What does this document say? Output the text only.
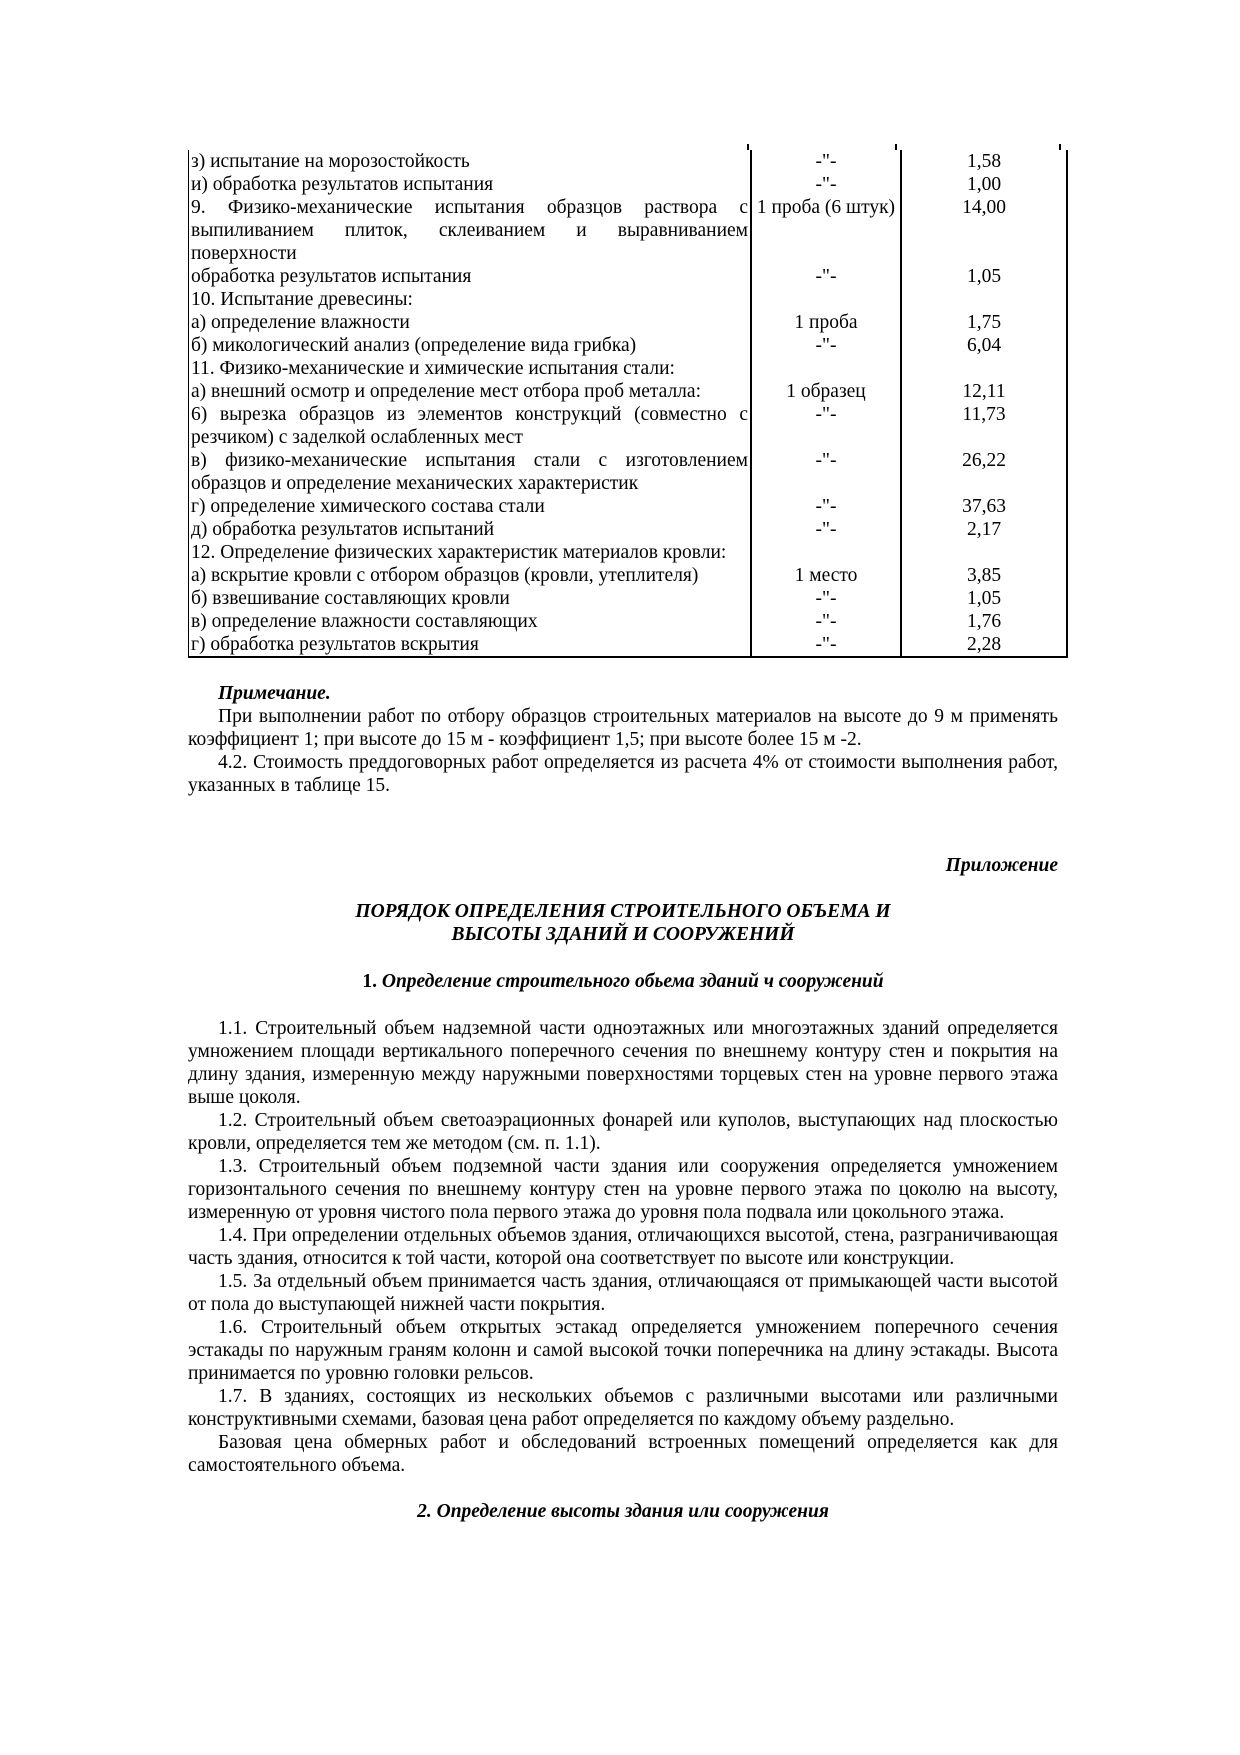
з) испытание на морозостойкость	-"-	1,58
и) обработка результатов испытания	-"-	1,00
9. Физико-механические испытания образцов раствора с выпиливанием плиток, склеиванием и выравниванием поверхности	1 проба (6 штук)	14,00
обработка результатов испытания	-"-	1,05
10. Испытание древесины:		
а) определение влажности	1 проба	1,75
б) микологический анализ (определение вида грибка)	-"-	6,04
11. Физико-механические и химические испытания стали:		
а) внешний осмотр и определение мест отбора проб металла:	1 образец	12,11
6) вырезка образцов из элементов конструкций (совместно с резчиком) с заделкой ослабленных мест	-"-	11,73
в) физико-механические испытания стали с изготовлением образцов и определение механических характеристик	-"-	26,22
г) определение химического состава стали	-"-	37,63
д) обработка результатов испытаний	-"-	2,17
12. Определение физических характеристик материалов кровли:		
а) вскрытие кровли с отбором образцов (кровли, утеплителя)	1 место	3,85
б) взвешивание составляющих кровли	-"-	1,05
в) определение влажности составляющих	-"-	1,76
г) обработка результатов вскрытия	-"-	2,28

Примечание.

При выполнении работ по отбору образцов строительных материалов на высоте до 9 м применять коэффициент 1; при высоте до 15 м - коэффициент 1,5; при высоте более 15 м -2.

4.2. Стоимость преддоговорных работ определяется из расчета 4% от стоимости выполнения работ, указанных в таблице 15.

Приложение

ПОРЯДОК ОПРЕДЕЛЕНИЯ СТРОИТЕЛЬНОГО ОБЪЕМА И
ВЫСОТЫ ЗДАНИЙ И СООРУЖЕНИЙ
1. Определение строительного обьема зданий ч сооружений

1.1. Строительный объем надземной части одноэтажных или многоэтажных зданий определяется умножением площади вертикального поперечного сечения по внешнему контуру стен и покрытия на длину здания, измеренную между наружными поверхностями торцевых стен на уровне первого этажа выше цоколя.

1.2. Строительный объем светоаэрационных фонарей или куполов, выступающих над плоскостью кровли, определяется тем же методом (см. п. 1.1).

1.3. Строительный объем подземной части здания или сооружения определяется умножением горизонтального сечения по внешнему контуру стен на уровне первого этажа по цоколю на высоту, измеренную от уровня чистого пола первого этажа до уровня пола подвала или цокольного этажа.

1.4. При определении отдельных объемов здания, отличающихся высотой, стена, разграничивающая часть здания, относится к той части, которой она соответствует по высоте или конструкции.

1.5. За отдельный объем принимается часть здания, отличающаяся от примыкающей части высотой от пола до выступающей нижней части покрытия.

1.6. Строительный объем открытых эстакад определяется умножением поперечного сечения эстакады по наружным граням колонн и самой высокой точки поперечника на длину эстакады. Высота принимается по уровню головки рельсов.

1.7. В зданиях, состоящих из нескольких объемов с различными высотами или различными конструктивными схемами, базовая цена работ определяется по каждому объему раздельно.

Базовая цена обмерных работ и обследований встроенных помещений определяется как для самостоятельного объема.

2. Определение высоты здания или сооружения
